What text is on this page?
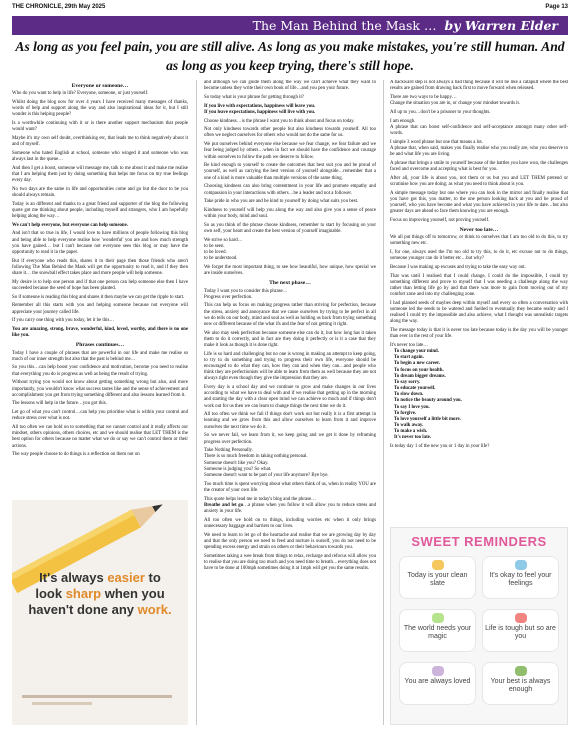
THE CHRONICLE, 29th May 2025	Page 13
The Man Behind the Mask … by Warren Elder
As long as you feel pain, you are still alive. As long as you make mistakes, you're still human. And as long as you keep trying, there's still hope.
Everyone or someone…

Who do you want to help in life? Everyone, someone, or just yourself.

Whilst doing the blog now for over 4 years I have received many messages of thanks, words of help and support along the way and also inspirational ideas for it, but I still wonder is this helping people?

Is a worthwhile continuing with it or is there another support mechanism that people would want?

Maybe it's my own self doubt, overthinking etc, that leads me to think negatively about it and of myself.

Someone who hated English at school, someone who winged it and someone who was always last in the queue…

And then I get a boost, someone will message me, talk to me about it and make me realise that I am helping them just by doing something that helps me focus on my true feelings every day.

No two days are the same in life and opportunities come and go but the door to be you should always remain.

Today is an different and thanks to a great friend and supporter of the blog the following quote got me thinking about people, including myself and strangers, who I am hopefully helping along the way…

We can't help everyone, but everyone can help someone.

And isn't that so true in life, I would love to have millions of people following this blog and being able to help everyone realise how 'wonderful' you are and how much strength you have gained… but I can't because not everyone sees this blog or may have the opportunity to read it in the paper.

But if everyone who reads this, shares it to their page then those friends who aren't following The Man Behind the Mask will get the opportunity to read it, and if they then share it… the snowball effect takes place and more people will help someone.

My desire is to help one person and if that one person can help someone else then I have succeeded because the seed of hope has been planted.

So if someone is reading this blog and shares it then maybe we can get the ripple to start.

Remember all this starts with you and helping someone because not everyone will appreciate your journey called life.

If you carry one thing with you today, let it be this…

You are amazing, strong, brave, wonderful, kind, loved, worthy, and there is no one like you.

Phrases continues…

Today I have a couple of phrases that are powerful in our life and make me realise so much of our inner strength but also that the past is behind me…

So you this…can help boost your confidence and motivation, become you need to realise that everything you do is progress as well as being the result of trying.

Without trying you would not know about getting something wrong but also, and more importantly, you wouldn't know what success tastes like and the sense of achievement and accomplishment you get from trying something different and also lessons learned from it.

The lessons will help in the future…you got this.

Let go of what you can't control…can help you prioritise what is within your control and reduce stress over what is not.

All too often we can hold on to something that we cannot control and it really affects our mindset, others opinions, others choices, etc and we should realise that LET THEM is the best option for others because no matter what we do or say we can't control them or their actions.

The way people choose to do things is a reflection on them not on

It's always easier to
look sharp when you
haven't done any work.

and although we can guide them along the way we can't achieve what they want to become unless they write their own book of life…and you pen your future.

So today what is your phrase for getting through it?

If you live with expectations, happiness will leave you.

If you leave expectations, happiness will live with you.

Choose kindness…is the phrase I want you to think about and focus on today.

Not only kindness towards other people but also kindness towards yourself. All too often we neglect ourselves for others who would not do the same for us.

We put ourselves behind everyone else because we fear change, we fear failure and we fear being judged by others…when in fact we should have the confidence and courage within ourselves to follow the path we deserve to follow.

Be kind enough to yourself to create the outcomes that best suit you and be proud of yourself, as well as carrying the best version of yourself alongside…remember that a one of a kind is more valuable than multiple versions of the same thing.

Choosing kindness can also bring contentment in your life and promote empathy and compassion in your interactions with others…be a leader and not a follower.

Take pride in who you are and be kind to yourself by doing what suits you best.

Kindness to yourself will help you along the way and also give you a sense of peace within your body, mind and soul.

So as you think of the phrase choose kindness, remember to start by focusing on your own self, your heart and create the best version of yourself imaginable.

We strive so hard…

to be seen.

to be loved.

to be understood.

We forget the most important thing, to see how beautiful, how unique, how special we are inside ourselves.

The next phase…

Today I want you to consider this phrase…

Progress over perfection.

This can help us focus on making progress rather than striving for perfection, because the stress, anxiety and annoyance that we cause ourselves by trying to be perfect in all we do tells on our body, mind and soul as well as holding us back from trying something new or different because of the what ifs and the fear of not getting it right.

We also may seek perfection because someone else can do it, but how long has it taken them to do it correctly, and in fact are they doing it perfectly or is it a case that they make it look as though it is done right.

Life is so hard and challenging but no one is wrong in making an attempt to keep going, to try to do something and trying to progress their own life, everyone should be encouraged to do what they can, how they can and when they can…and people who think they are perfectionists will be able to learn from them as well because they are not always right even though they give the impression that they are.

Every day is a school day and we continue to grow and make changes in our lives according to what we have to deal with and if we realise that getting up in the morning and starting the day with a clear open mind we can achieve so much and if things don't work out for us then we can learn to change things the next time we do it.

All too often we think we fail if things don't work out but really it is a first attempt in learning and we grow from this and allow ourselves to learn from it and improve ourselves the next time we do it.

So we never fail, we learn from it, we keep going and we get it done by reframing progress over perfection.

Take Nothing Personally.

There is so much freedom in taking nothing personal.

Someone doesn't like you? Okay.

Someone is judging you? So what.

Someone doesn't want to be part of your life anymore? Bye bye.

Too much time is spent worrying about what others think of us, when in reality YOU are the creator of your own life.

This quote helps lead me in today's blog and the phrase…

Breathe and let go…a phrase when you follow it will allow you to reduce stress and anxiety in your life.

All too often we hold on to things, including worries etc when it only brings unnecessary baggage and barriers to our lives.

We need to learn to let go of the heartache and realise that we are growing day by day and that the only person we need to feed and nurture is ourself, you do not need to be spending excess energy and strain on others or their behaviours towards you.

Sometimes taking a wee break from things to relax, recharge and refocus will allow you to realise that you are doing too much and you need time to breath…everything does not have to be done at 100mph sometimes doing it at 1mph will get you the same results.

A backward step is not always a bad thing because it will be like a catapult where the best results are gained from drawing back first to move forward when released.

There are two ways to be happy…

Change the situation you are in, or change your mindset towards it.

All up to you…don't be a prisoner to your thoughts.

I am enough.

A phrase that can boost self-confidence and self-acceptance amongst many other self-words.

I simple 3 word phrase but one that means a lot.

A phrase that, when said, makes you finally realise who you really are, who you deserve to be and what life you are living.

A phrase that brings a smile to yourself because of the battles you have won, the challenges faced and overcome and accepting what is best for you.

After all, your life is about you, not them or us but you and LET THEM pretend or scrutinise how you are doing; as what you need to think about is you.

A simple message today but one where you can look in the mirror and finally realise that you have got this, you matter, to the one person looking back at you and be proud of yourself, who you have become and what you have achieved in your life to date…but also greater days are ahead so face them knowing you are enough.

Focus on improving yourself, not proving yourself.

Never too late…

We all put things off to tomorrow, or think to ourselves that I am too old to do this, to try something new etc.

I, for one, always used the I'm too old to try this, to do it, etc excuse not to do things, someone younger can do it better etc…but why?

Because I was making up excuses and trying to take the easy way out.

That was until I realised that I could change, I could do the impossible, I could try something different and prove to myself that I was needing a challenge along the way rather than letting life go by and that there was more to gain from moving out of my comfort zone and into my challenging zone.

I had planned seeds of maybes deep within myself and every so often a conversation with someone led the seeds to be watered and fuelled to eventually they became reality and I realised I could try the impossible and also achieve, what I thought was unrealistic targets along the way.

The message today is that it is never too late because today is the day you will be younger than ever in the rest of your life.

It's never too late…

To change your mind.
To start again.
To begin a new career.
To focus on your health.
To dream bigger dreams.
To say sorry.
To educate yourself.
To slow down.
To notice the beauty around you.
To say I love you.
To forgive.
To love yourself a little bit more.
To walk away.
To make a wish.
It's never too late.

Is today day 1 of the new you or 1 day in your life?

SWEET REMINDERS
Today is your clean slate
It's okay to feel your feelings
The world needs your magic
Life is tough but so are you
You are always loved	Your best is always enough
